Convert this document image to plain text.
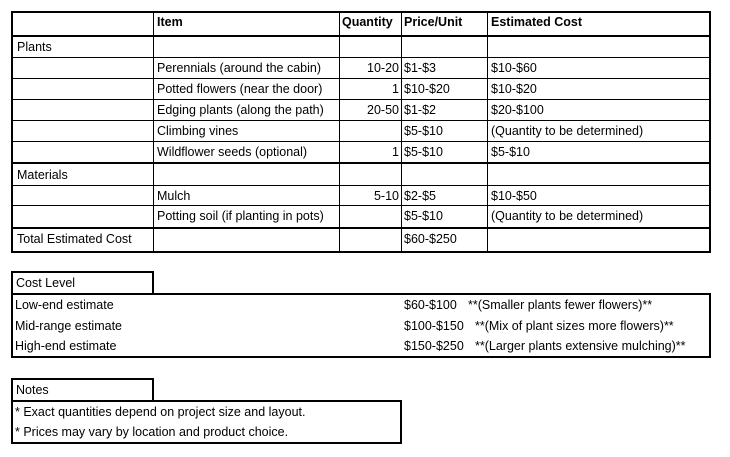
Item	Quantity Price/Unit	Estimated Cost
Plants
Perennials (around the cabin)	10-20 $1-$3	$10-$60
Potted flowers (near the door)	1 $10-$20	$10-$20
Edging plants (along the path)	20-50 $1-$2	$20-$100
Climbing vines	$5-$10	(Quantity to be determined)
Wildflower seeds (optional)	1 $5-$10	$5-$10
Materials
Mulch	5-10 $2-$5	$10-$50
Potting soil (if planting in pots)	$5-$10	(Quantity to be determined)
Total Estimated Cost	$60-$250
Cost Level
Low-end estimate	$60-$100 **(Smaller plants fewer flowers)**
Mid-range estimate	$100-$150 **(Mix of plant sizes more flowers)**
High-end estimate	$150-$250 **(Larger plants extensive mulching)**
Notes
* Exact quantities depend on project size and layout.
* Prices may vary by location and product choice.
